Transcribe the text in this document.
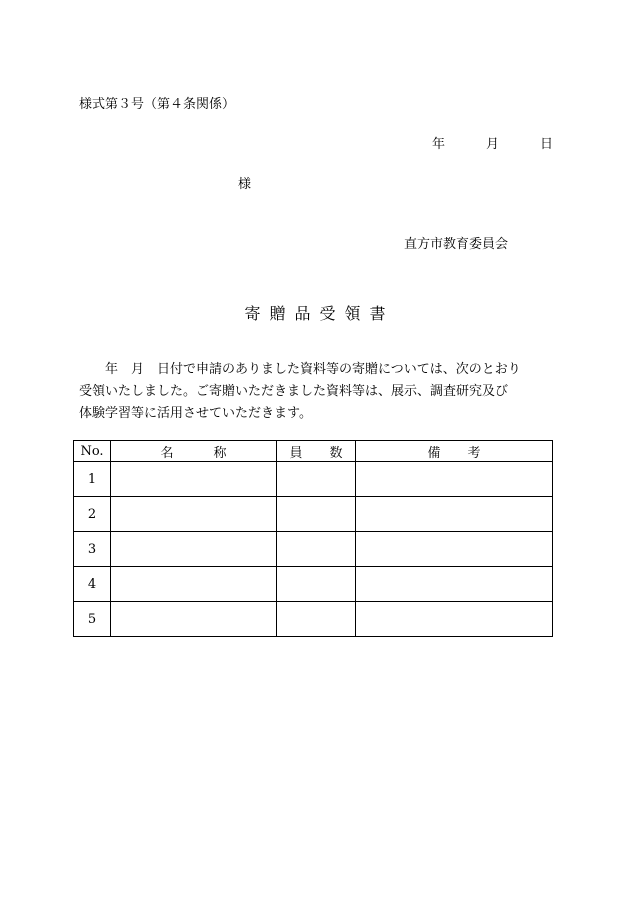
様式第３号（第４条関係）
年	月	日
様
直方市教育委員会
寄贈品受領書
年　月　日付で申請のありました資料等の寄贈については、次のとおり
受領いたしました。ご寄贈いただきました資料等は、展示、調査研究及び
体験学習等に活用させていただきます。
No.	名 称	員 数	備 考
1			
2			
3			
4			
5			
